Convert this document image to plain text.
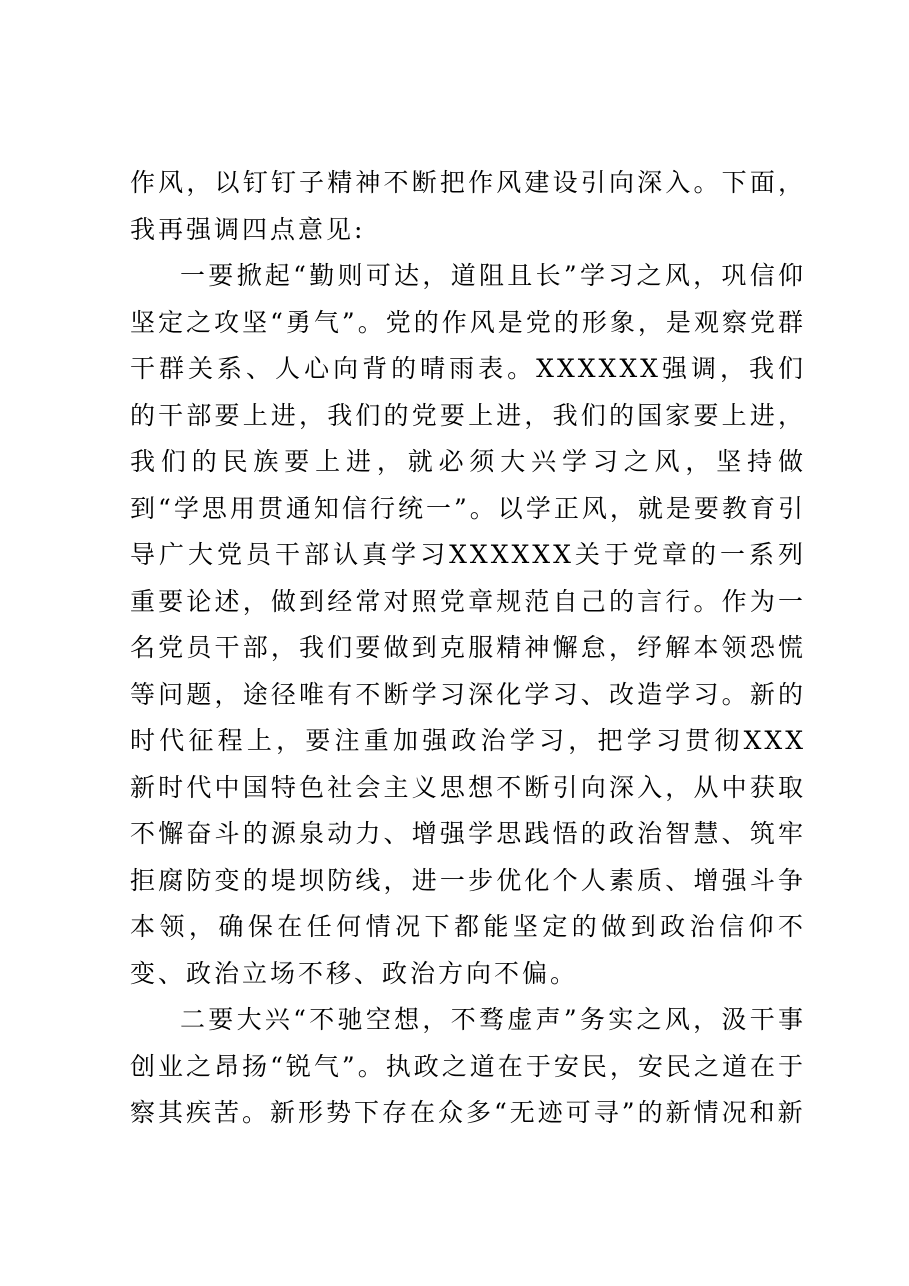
作风，以钉钉子精神不断把作风建设引向深入。下面，我再强调四点意见:

一要掀起“勤则可达，道阻且长”学习之风，巩信仰坚定之攻坚“勇气”。党的作风是党的形象，是观察党群干群关系、人心向背的晴雨表。XXXXXX强调，我们的干部要上进，我们的党要上进，我们的国家要上进，我们的民族要上进，就必须大兴学习之风，坚持做到“学思用贯通知信行统一”。以学正风，就是要教育引导广大党员干部认真学习XXXXXX关于党章的一系列重要论述，做到经常对照党章规范自己的言行。作为一名党员干部，我们要做到克服精神懈怠，纾解本领恐慌等问题，途径唯有不断学习深化学习、改造学习。新的时代征程上，要注重加强政治学习，把学习贯彻XXX新时代中国特色社会主义思想不断引向深入，从中获取不懈奋斗的源泉动力、增强学思践悟的政治智慧、筑牢拒腐防变的堤坝防线，进一步优化个人素质、增强斗争本领，确保在任何情况下都能坚定的做到政治信仰不变、政治立场不移、政治方向不偏。

二要大兴“不驰空想，不骛虚声”务实之风，汲干事创业之昂扬“锐气”。执政之道在于安民，安民之道在于察其疾苦。新形势下存在众多“无迹可寻”的新情况和新
